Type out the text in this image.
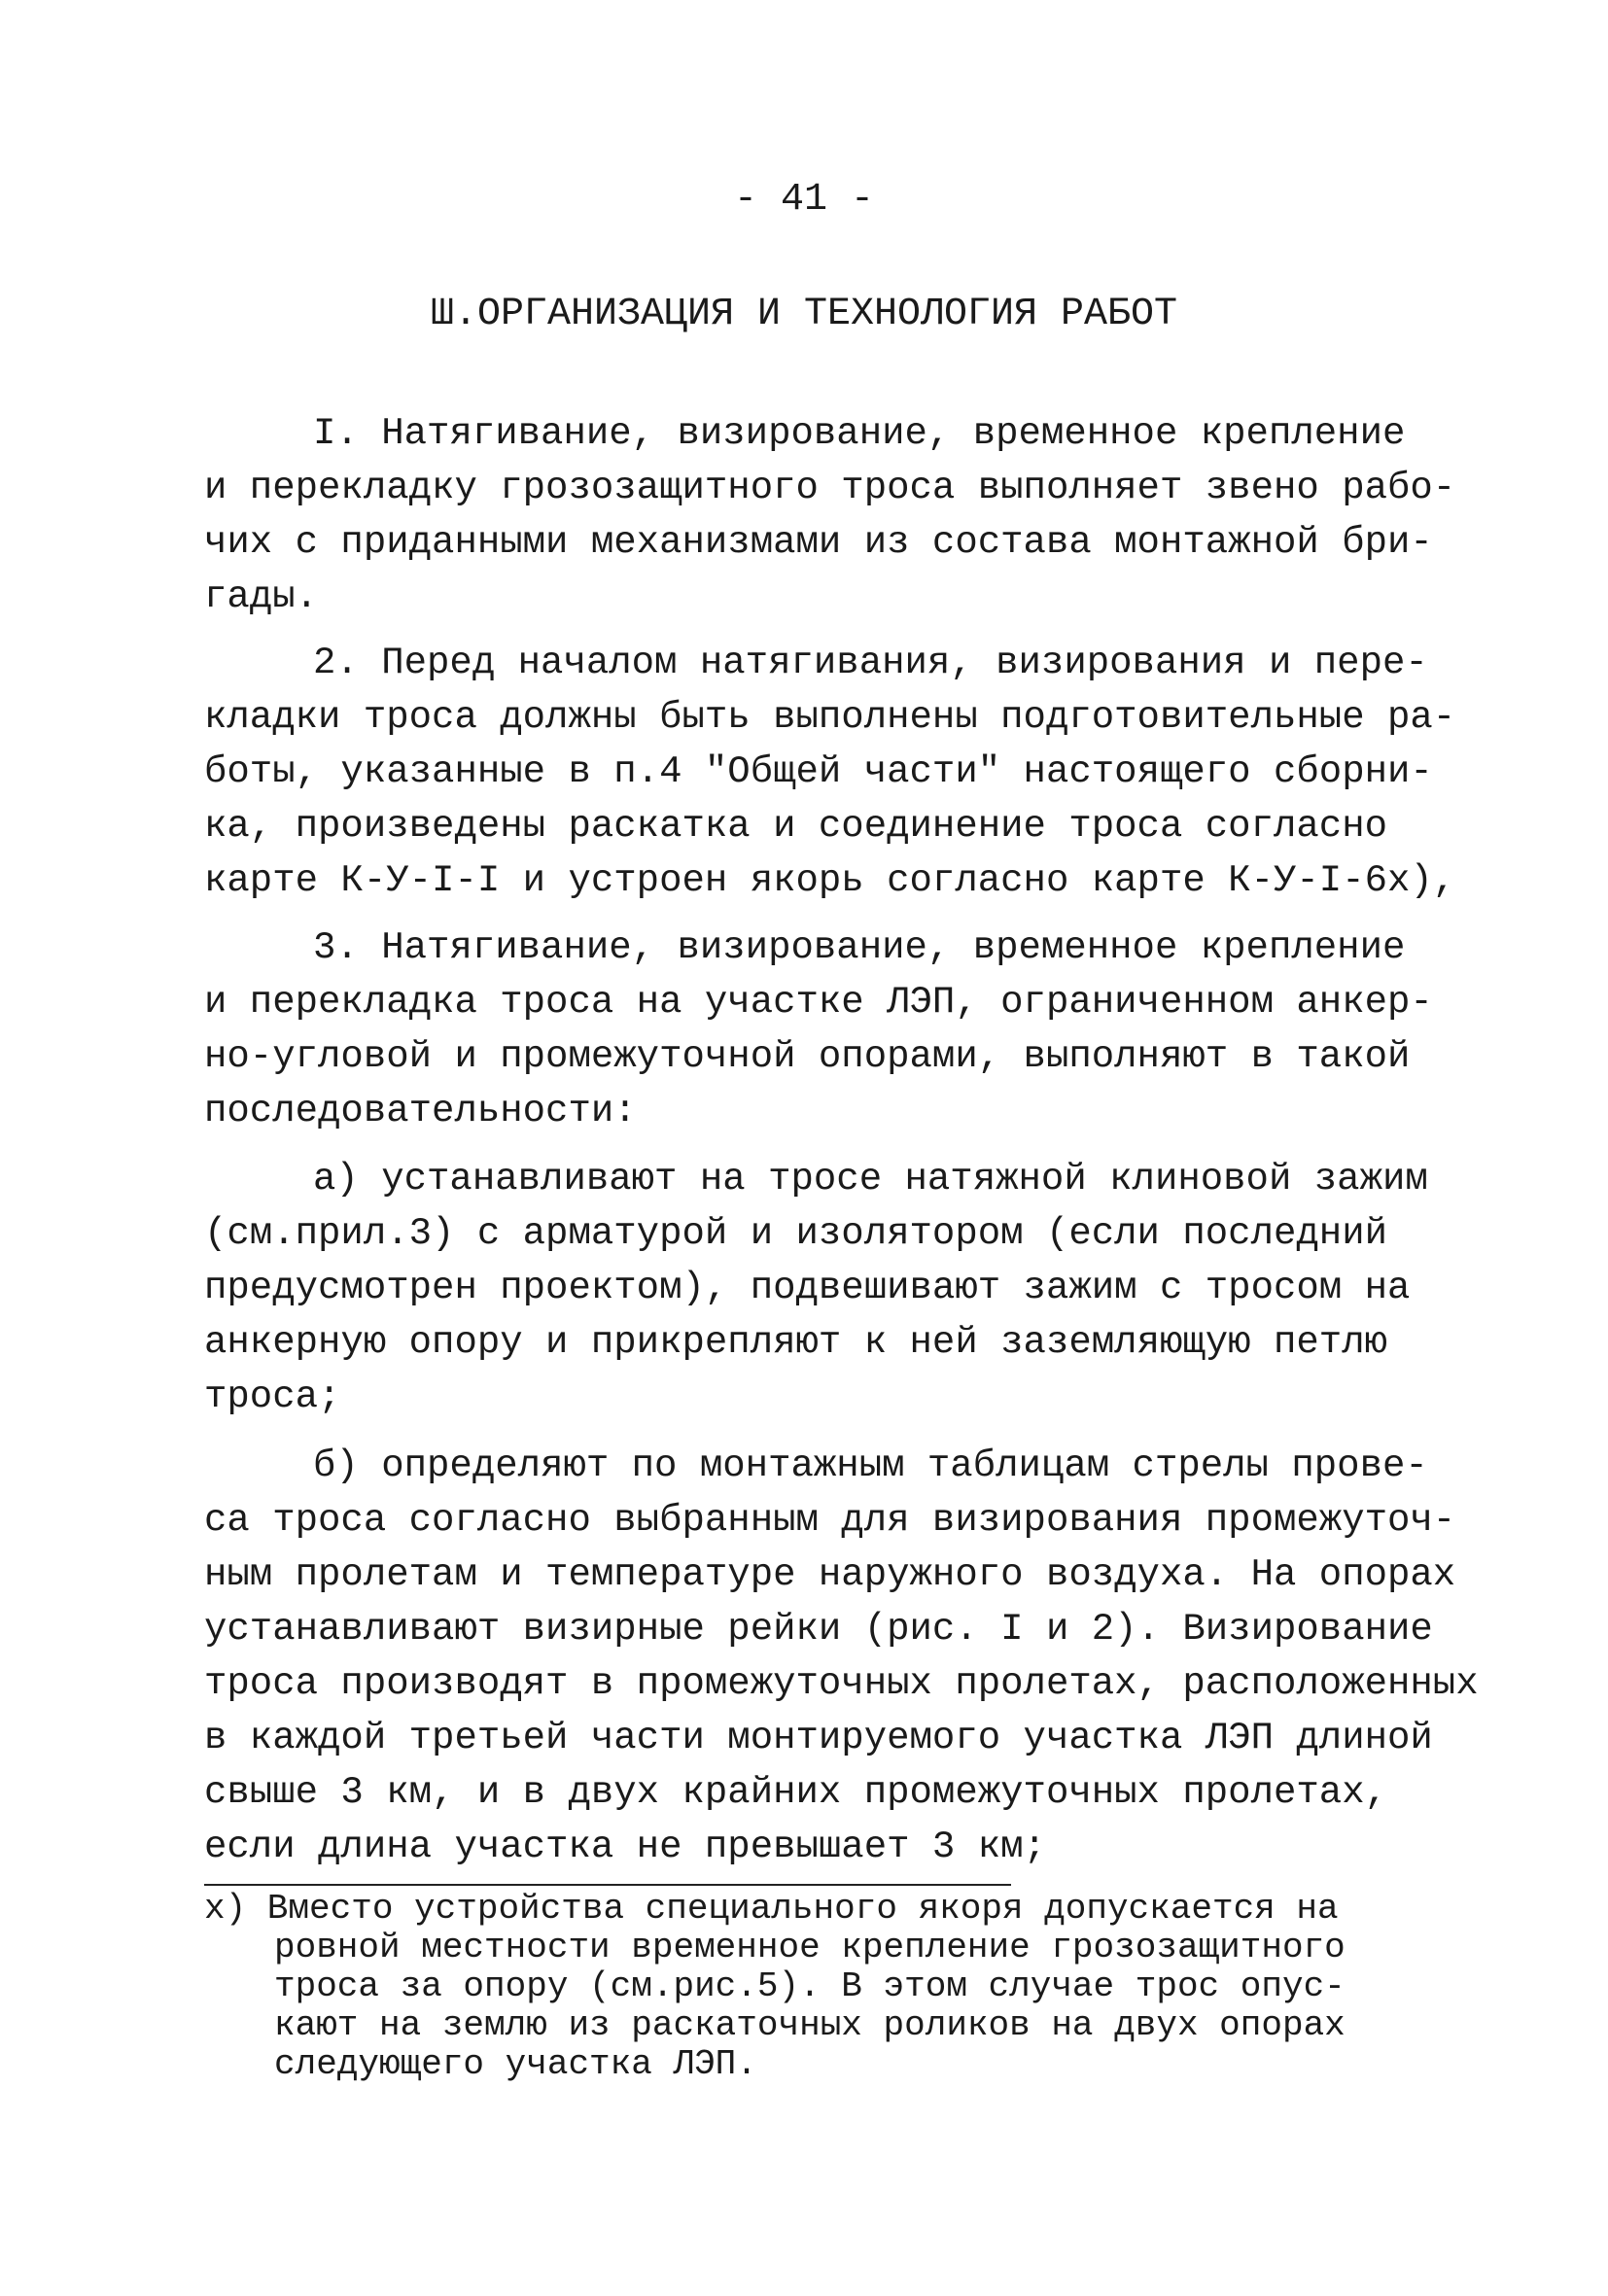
- 41 -
Ш.ОРГАНИЗАЦИЯ И ТЕХНОЛОГИЯ РАБОТ
I. Натягивание, визирование, временное крепление
и перекладку грозозащитного троса выполняет звено рабо-
чих с приданными механизмами из состава монтажной бри-
гады.
2. Перед началом натягивания, визирования и пере-
кладки троса должны быть выполнены подготовительные ра-
боты, указанные в п.4 "Общей части" настоящего сборни-
ка, произведены раскатка и соединение троса согласно
карте К-У-I-I и устроен якорь согласно карте К-У-I-6х),
3. Натягивание, визирование, временное крепление
и перекладка троса на участке ЛЭП, ограниченном анкер-
но-угловой и промежуточной опорами, выполняют в такой
последовательности:
а) устанавливают на тросе натяжной клиновой зажим
(см.прил.3) с арматурой и изолятором (если последний
предусмотрен проектом), подвешивают зажим с тросом на
анкерную опору и прикрепляют к ней заземляющую петлю
троса;
б) определяют по монтажным таблицам стрелы прове-
са троса согласно выбранным для визирования промежуточ-
ным пролетам и температуре наружного воздуха. На опорах
устанавливают визирные рейки (рис. I и 2). Визирование
троса производят в промежуточных пролетах, расположенных
в каждой третьей части монтируемого участка ЛЭП длиной
свыше 3 км, и в двух крайних промежуточных пролетах,
если длина участка не превышает 3 км;
х) Вместо устройства специального якоря допускается на
ровной местности временное крепление грозозащитного
троса за опору (см.рис.5). В этом случае трос опус-
кают на землю из раскаточных роликов на двух опорах
следующего участка ЛЭП.
